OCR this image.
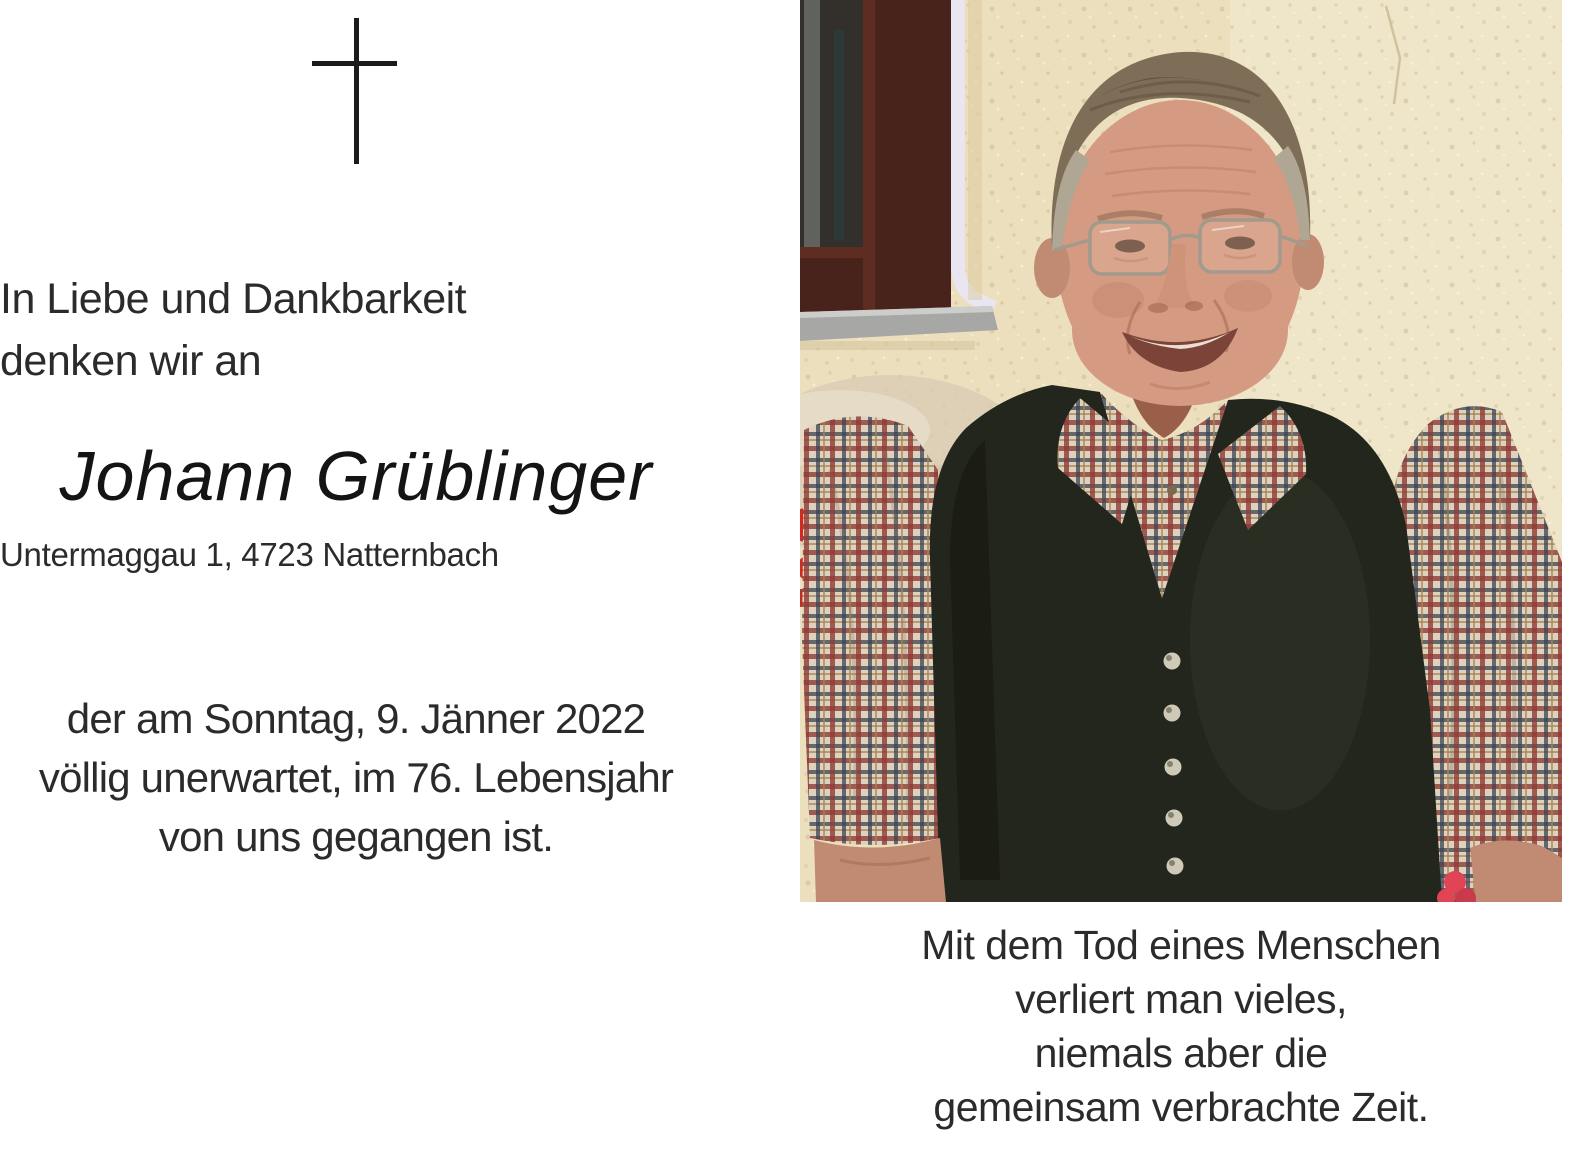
In Liebe und Dankbarkeit
denken wir an
Johann Grüblinger
Untermaggau 1, 4723 Natternbach
der am Sonntag, 9. Jänner 2022
völlig unerwartet, im 76. Lebensjahr
von uns gegangen ist.
Mit dem Tod eines Menschen
verliert man vieles,
niemals aber die
gemeinsam verbrachte Zeit.
